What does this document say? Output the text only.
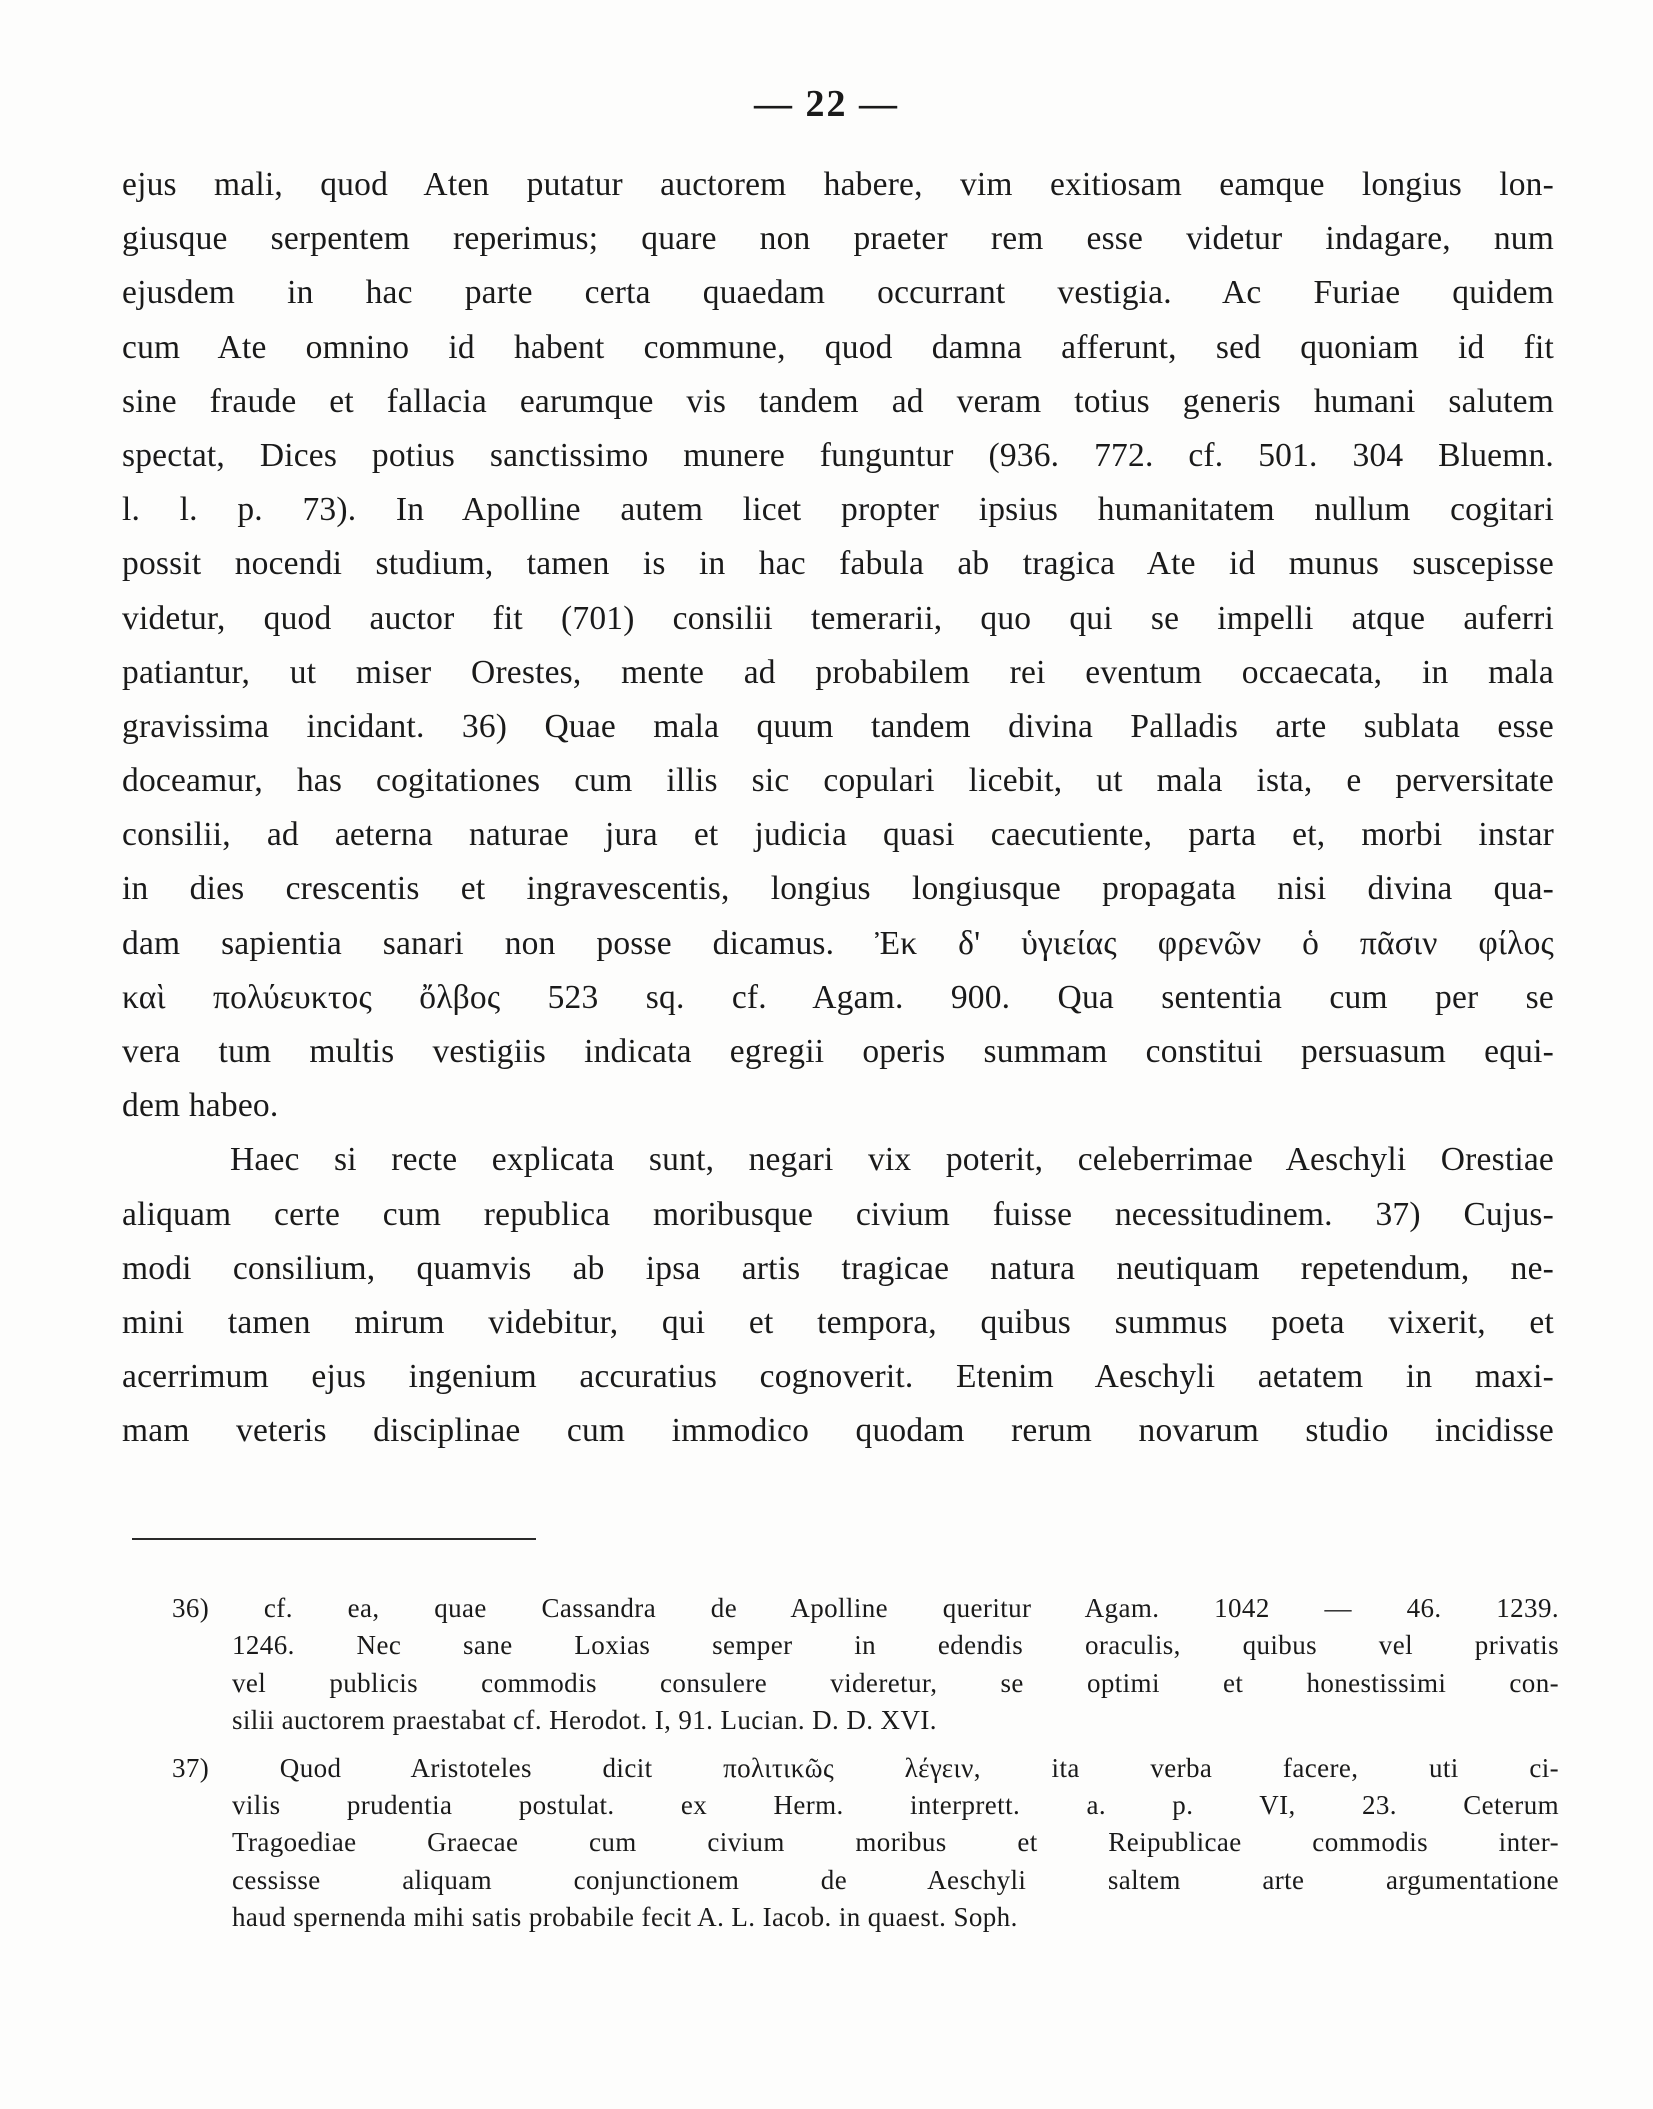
— 22 —
ejus mali, quod Aten putatur auctorem habere, vim exitiosam eamque longius lon-
giusque serpentem reperimus; quare non praeter rem esse videtur indagare, num
ejusdem in hac parte certa quaedam occurrant vestigia. Ac Furiae quidem
cum Ate omnino id habent commune, quod damna afferunt, sed quoniam id fit
sine fraude et fallacia earumque vis tandem ad veram totius generis humani salutem
spectat, Dices potius sanctissimo munere funguntur (936. 772. cf. 501. 304 Bluemn.
l. l. p. 73). In Apolline autem licet propter ipsius humanitatem nullum cogitari
possit nocendi studium, tamen is in hac fabula ab tragica Ate id munus suscepisse
videtur, quod auctor fit (701) consilii temerarii, quo qui se impelli atque auferri
patiantur, ut miser Orestes, mente ad probabilem rei eventum occaecata, in mala
gravissima incidant. 36) Quae mala quum tandem divina Palladis arte sublata esse
doceamur, has cogitationes cum illis sic copulari licebit, ut mala ista, e perversitate
consilii, ad aeterna naturae jura et judicia quasi caecutiente, parta et, morbi instar
in dies crescentis et ingravescentis, longius longiusque propagata nisi divina qua-
dam sapientia sanari non posse dicamus. Ἐκ δ' ὑγιείας φρενῶν ὁ πᾶσιν φίλος
καὶ πολύευκτος ὄλβος 523 sq. cf. Agam. 900. Qua sententia cum per se
vera tum multis vestigiis indicata egregii operis summam constitui persuasum equi-
dem habeo.
Haec si recte explicata sunt, negari vix poterit, celeberrimae Aeschyli Orestiae
aliquam certe cum republica moribusque civium fuisse necessitudinem. 37) Cujus-
modi consilium, quamvis ab ipsa artis tragicae natura neutiquam repetendum, ne-
mini tamen mirum videbitur, qui et tempora, quibus summus poeta vixerit, et
acerrimum ejus ingenium accuratius cognoverit. Etenim Aeschyli aetatem in maxi-
mam veteris disciplinae cum immodico quodam rerum novarum studio incidisse
36) cf. ea, quae Cassandra de Apolline queritur Agam. 1042 — 46. 1239.
1246. Nec sane Loxias semper in edendis oraculis, quibus vel privatis
vel publicis commodis consulere videretur, se optimi et honestissimi con-
silii auctorem praestabat cf. Herodot. I, 91. Lucian. D. D. XVI.
37) Quod Aristoteles dicit πολιτικῶς λέγειν, ita verba facere, uti ci-
vilis prudentia postulat. ex Herm. interprett. a. p. VI, 23. Ceterum
Tragoediae Graecae cum civium moribus et Reipublicae commodis inter-
cessisse aliquam conjunctionem de Aeschyli saltem arte argumentatione
haud spernenda mihi satis probabile fecit A. L. Iacob. in quaest. Soph.
